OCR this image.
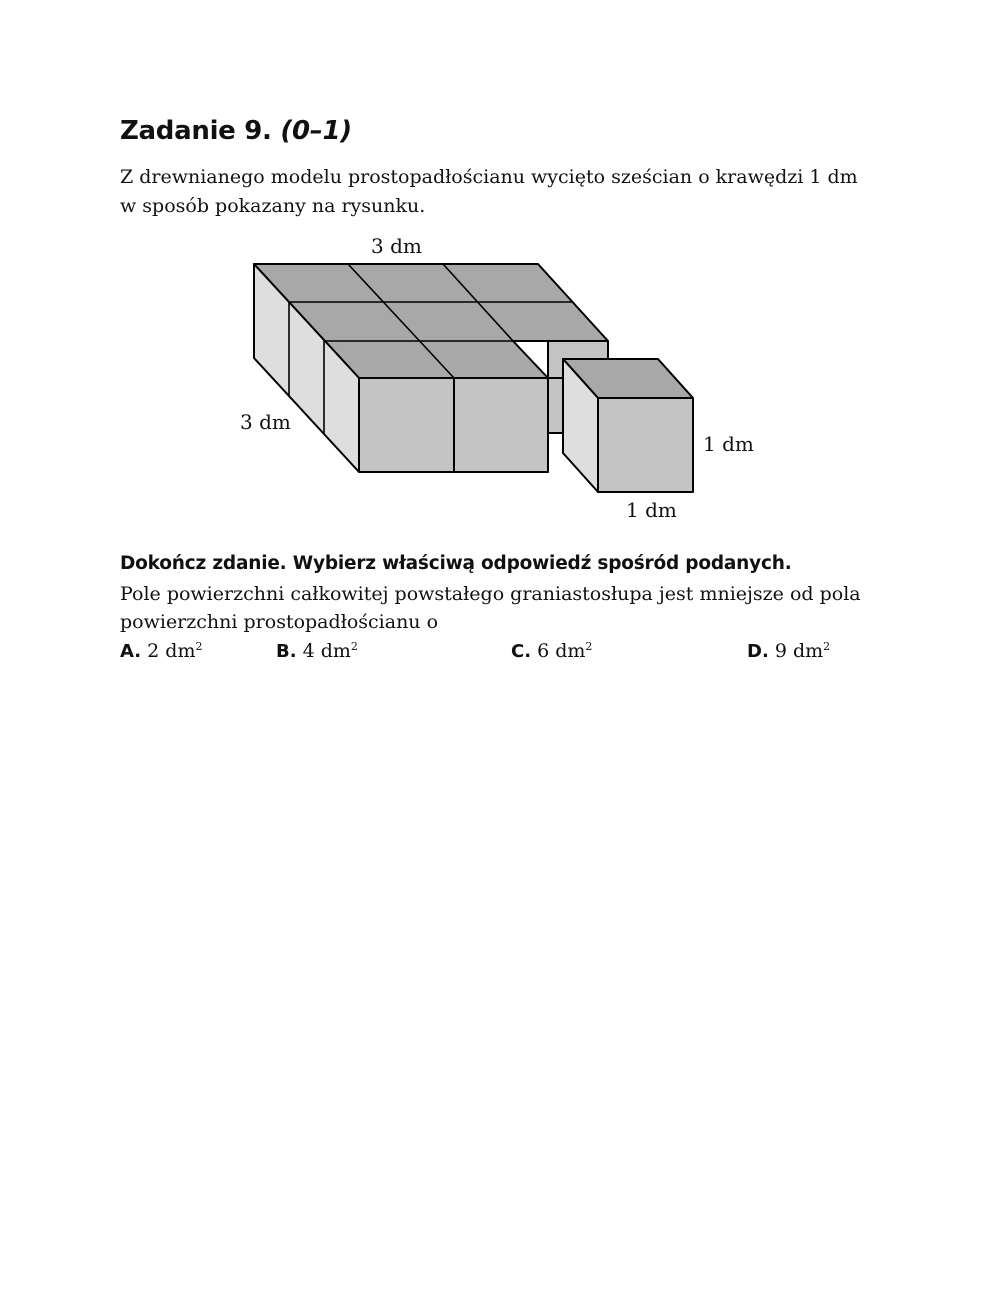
Zadanie 9. (0–1)
Z drewnianego modelu prostopadłościanu wycięto sześcian o krawędzi 1 dm
w sposób pokazany na rysunku.
3 dm
3 dm
1 dm
1 dm
Dokończ zdanie. Wybierz właściwą odpowiedź spośród podanych.
Pole powierzchni całkowitej powstałego graniastosłupa jest mniejsze od pola
powierzchni prostopadłościanu o
A. 2 $dm^2$	B. 4 $dm^2$	C. 6 $dm^2$	D. 9 $dm^2$
